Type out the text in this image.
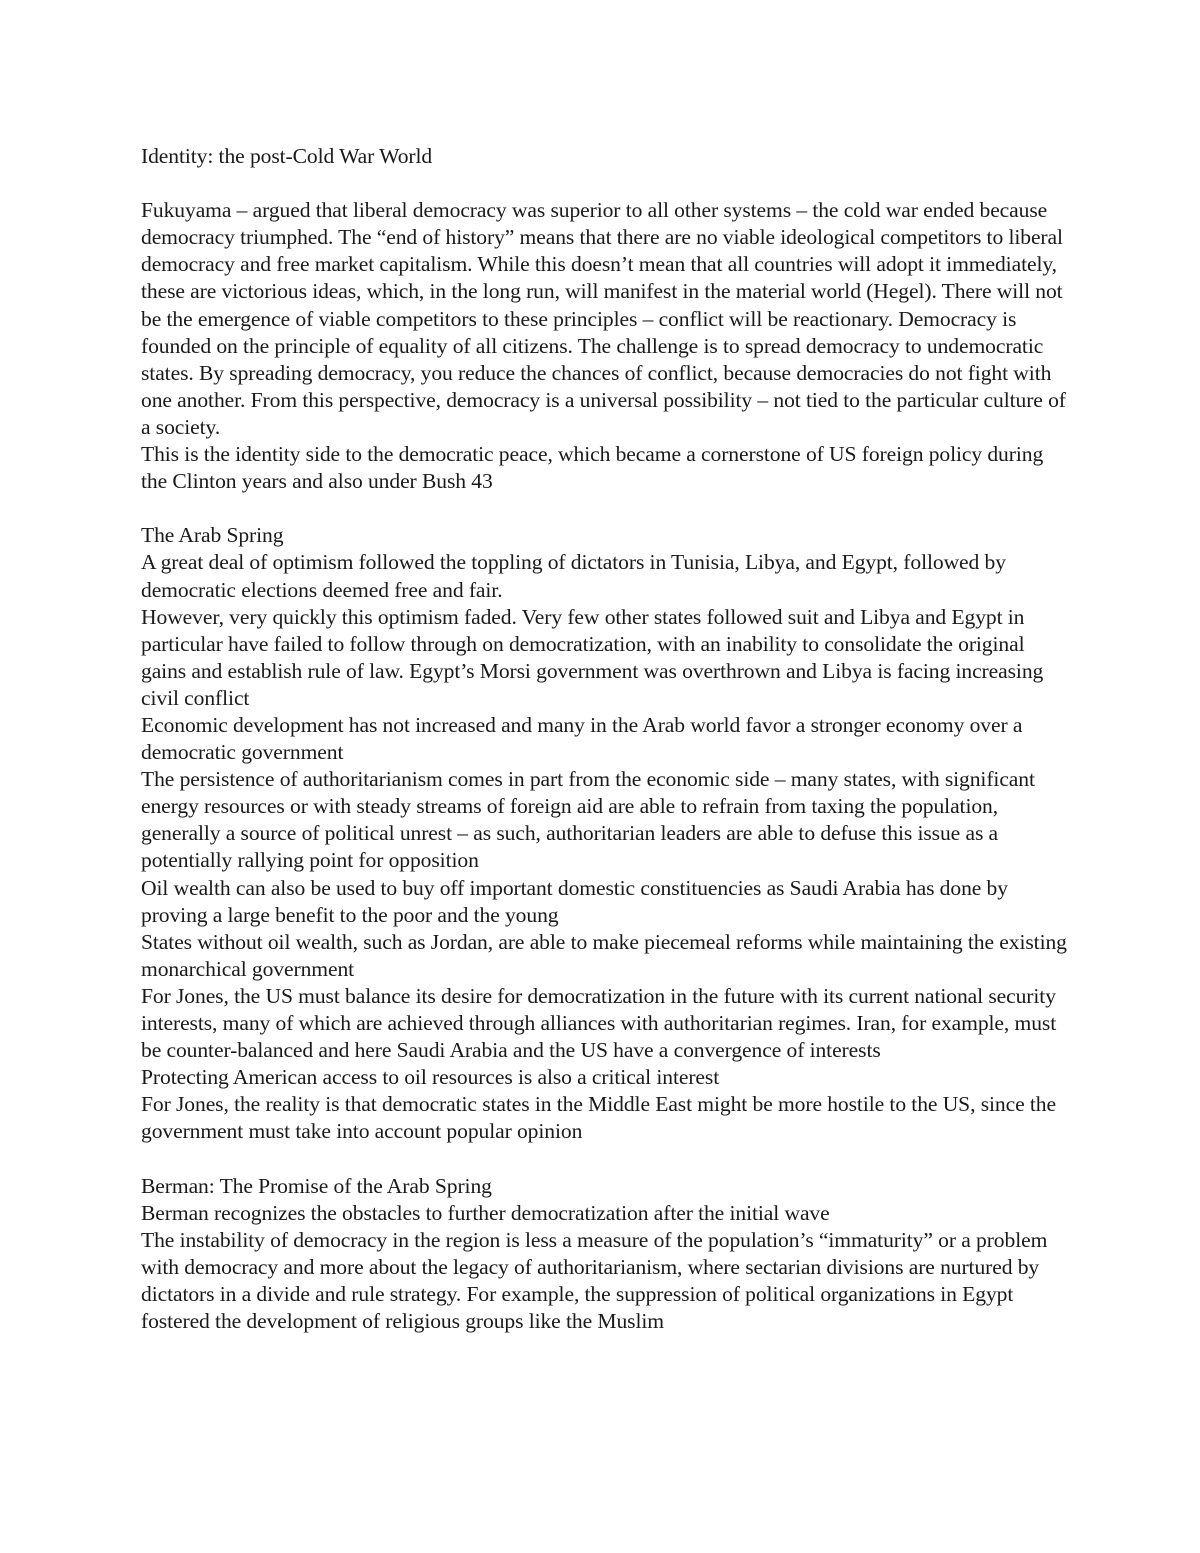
Identity: the post-Cold War World

Fukuyama – argued that liberal democracy was superior to all other systems – the cold war ended because democracy triumphed. The “end of history” means that there are no viable ideological competitors to liberal democracy and free market capitalism. While this doesn’t mean that all countries will adopt it immediately, these are victorious ideas, which, in the long run, will manifest in the material world (Hegel). There will not be the emergence of viable competitors to these principles – conflict will be reactionary. Democracy is founded on the principle of equality of all citizens. The challenge is to spread democracy to undemocratic states. By spreading democracy, you reduce the chances of conflict, because democracies do not fight with one another. From this perspective, democracy is a universal possibility – not tied to the particular culture of a society.

This is the identity side to the democratic peace, which became a cornerstone of US foreign policy during the Clinton years and also under Bush 43

The Arab Spring

A great deal of optimism followed the toppling of dictators in Tunisia, Libya, and Egypt, followed by democratic elections deemed free and fair.

However, very quickly this optimism faded. Very few other states followed suit and Libya and Egypt in particular have failed to follow through on democratization, with an inability to consolidate the original gains and establish rule of law. Egypt’s Morsi government was overthrown and Libya is facing increasing civil conflict

Economic development has not increased and many in the Arab world favor a stronger economy over a democratic government

The persistence of authoritarianism comes in part from the economic side – many states, with significant energy resources or with steady streams of foreign aid are able to refrain from taxing the population, generally a source of political unrest – as such, authoritarian leaders are able to defuse this issue as a potentially rallying point for opposition

Oil wealth can also be used to buy off important domestic constituencies as Saudi Arabia has done by proving a large benefit to the poor and the young

States without oil wealth, such as Jordan, are able to make piecemeal reforms while maintaining the existing monarchical government

For Jones, the US must balance its desire for democratization in the future with its current national security interests, many of which are achieved through alliances with authoritarian regimes. Iran, for example, must be counter-balanced and here Saudi Arabia and the US have a convergence of interests

Protecting American access to oil resources is also a critical interest

For Jones, the reality is that democratic states in the Middle East might be more hostile to the US, since the government must take into account popular opinion

Berman: The Promise of the Arab Spring

Berman recognizes the obstacles to further democratization after the initial wave

The instability of democracy in the region is less a measure of the population’s “immaturity” or a problem with democracy and more about the legacy of authoritarianism, where sectarian divisions are nurtured by dictators in a divide and rule strategy. For example, the suppression of political organizations in Egypt fostered the development of religious groups like the Muslim
